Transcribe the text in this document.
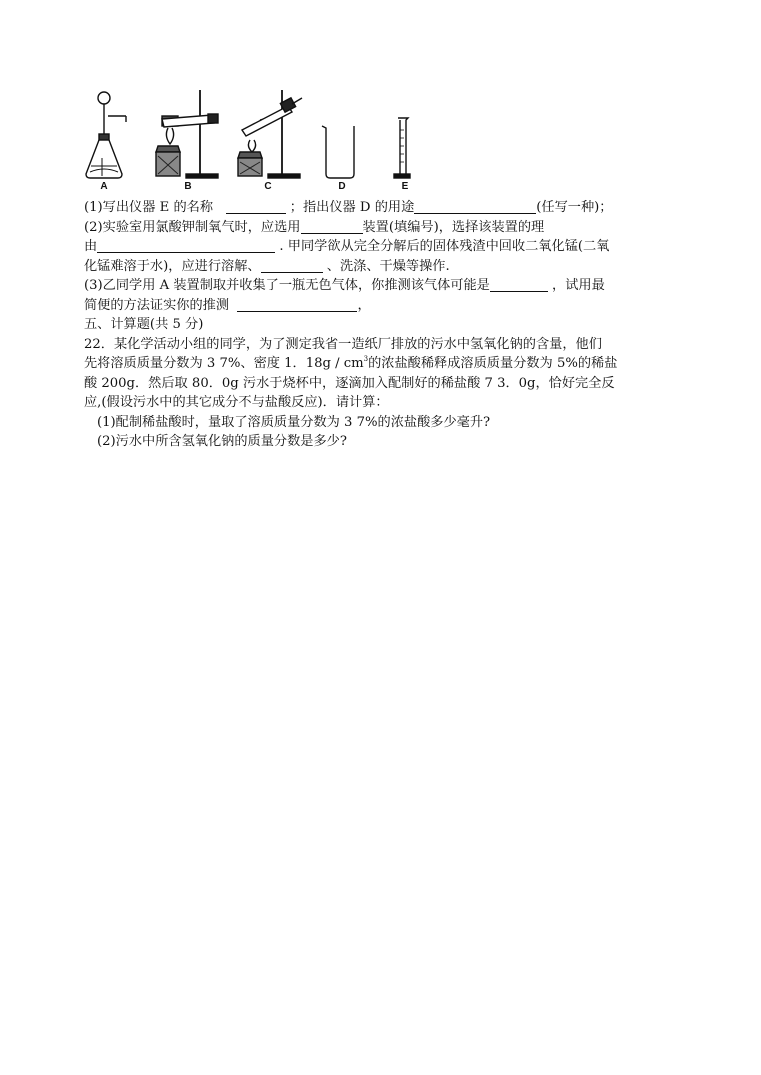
A	B	C	D	E
(1)写出仪器 E 的名称	；指出仪器 D 的用途	(任写一种)；
(2)实验室用氯酸钾制氧气时，应选用	装置(填编号)，选择该装置的理
由	. 甲同学欲从完全分解后的固体残渣中回收二氧化锰(二氧
化锰难溶于水)，应进行溶解、	、洗涤、干燥等操作.
(3)乙同学用 A 装置制取并收集了一瓶无色气体，你推测该气体可能是	，试用最
简便的方法证实你的推测	，
五、计算题(共 5 分)
22．某化学活动小组的同学，为了测定我省一造纸厂排放的污水中氢氧化钠的含量，他们
先将溶质质量分数为 3 7%、密度 1．$18g / cm^3$的浓盐酸稀释成溶质质量分数为 5%的稀盐
酸 200g．然后取 80．0g 污水于烧杯中，逐滴加入配制好的稀盐酸 7 3．0g，恰好完全反
应,(假设污水中的其它成分不与盐酸反应)．请计算：
(1)配制稀盐酸时，量取了溶质质量分数为 3 7%的浓盐酸多少毫升?
(2)污水中所含氢氧化钠的质量分数是多少?
